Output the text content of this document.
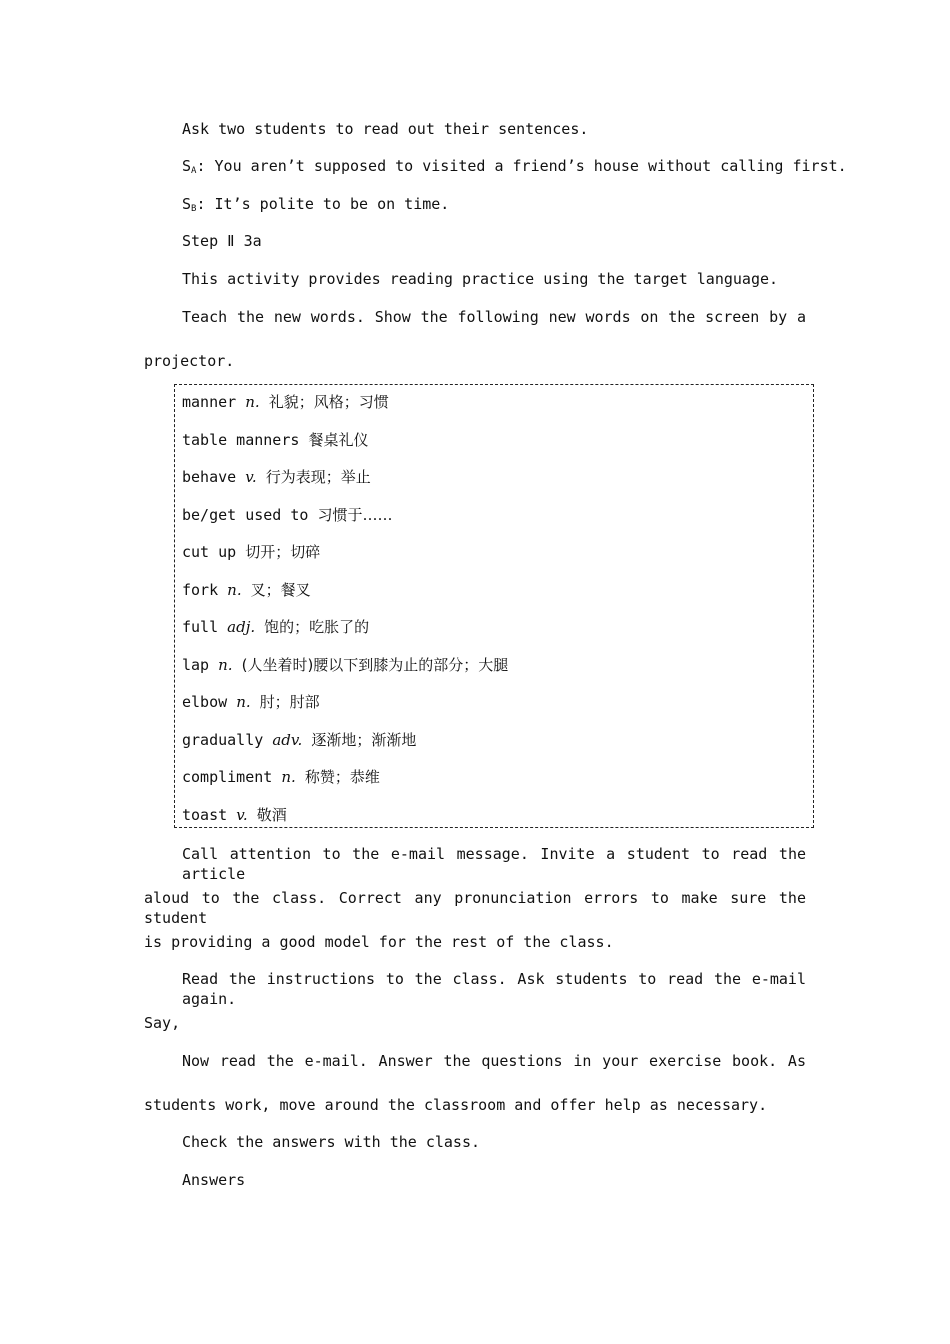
Ask two students to read out their sentences.
$S_A$: You aren’t supposed to visited a friend’s house without calling first.
$S_B$: It’s polite to be on time.
Step Ⅱ 3a
This activity provides reading practice using the target language.
Teach the new words. Show the following new words on the screen by a
projector.
manner n. 礼貌；风格；习惯
table manners 餐桌礼仪
behave v. 行为表现；举止
be/get used to 习惯于……
cut up 切开；切碎
fork n. 叉；餐叉
full adj. 饱的；吃胀了的
lap n. (人坐着时)腰以下到膝为止的部分；大腿
elbow n. 肘；肘部
gradually adv. 逐渐地；渐渐地
compliment n. 称赞；恭维
toast v. 敬酒
Call attention to the e-mail message. Invite a student to read the article
aloud to the class. Correct any pronunciation errors to make sure the student
is providing a good model for the rest of the class.
Read the instructions to the class. Ask students to read the e-mail again.
Say,
Now read the e-mail. Answer the questions in your exercise book. As
students work, move around the classroom and offer help as necessary.
Check the answers with the class.
Answers
